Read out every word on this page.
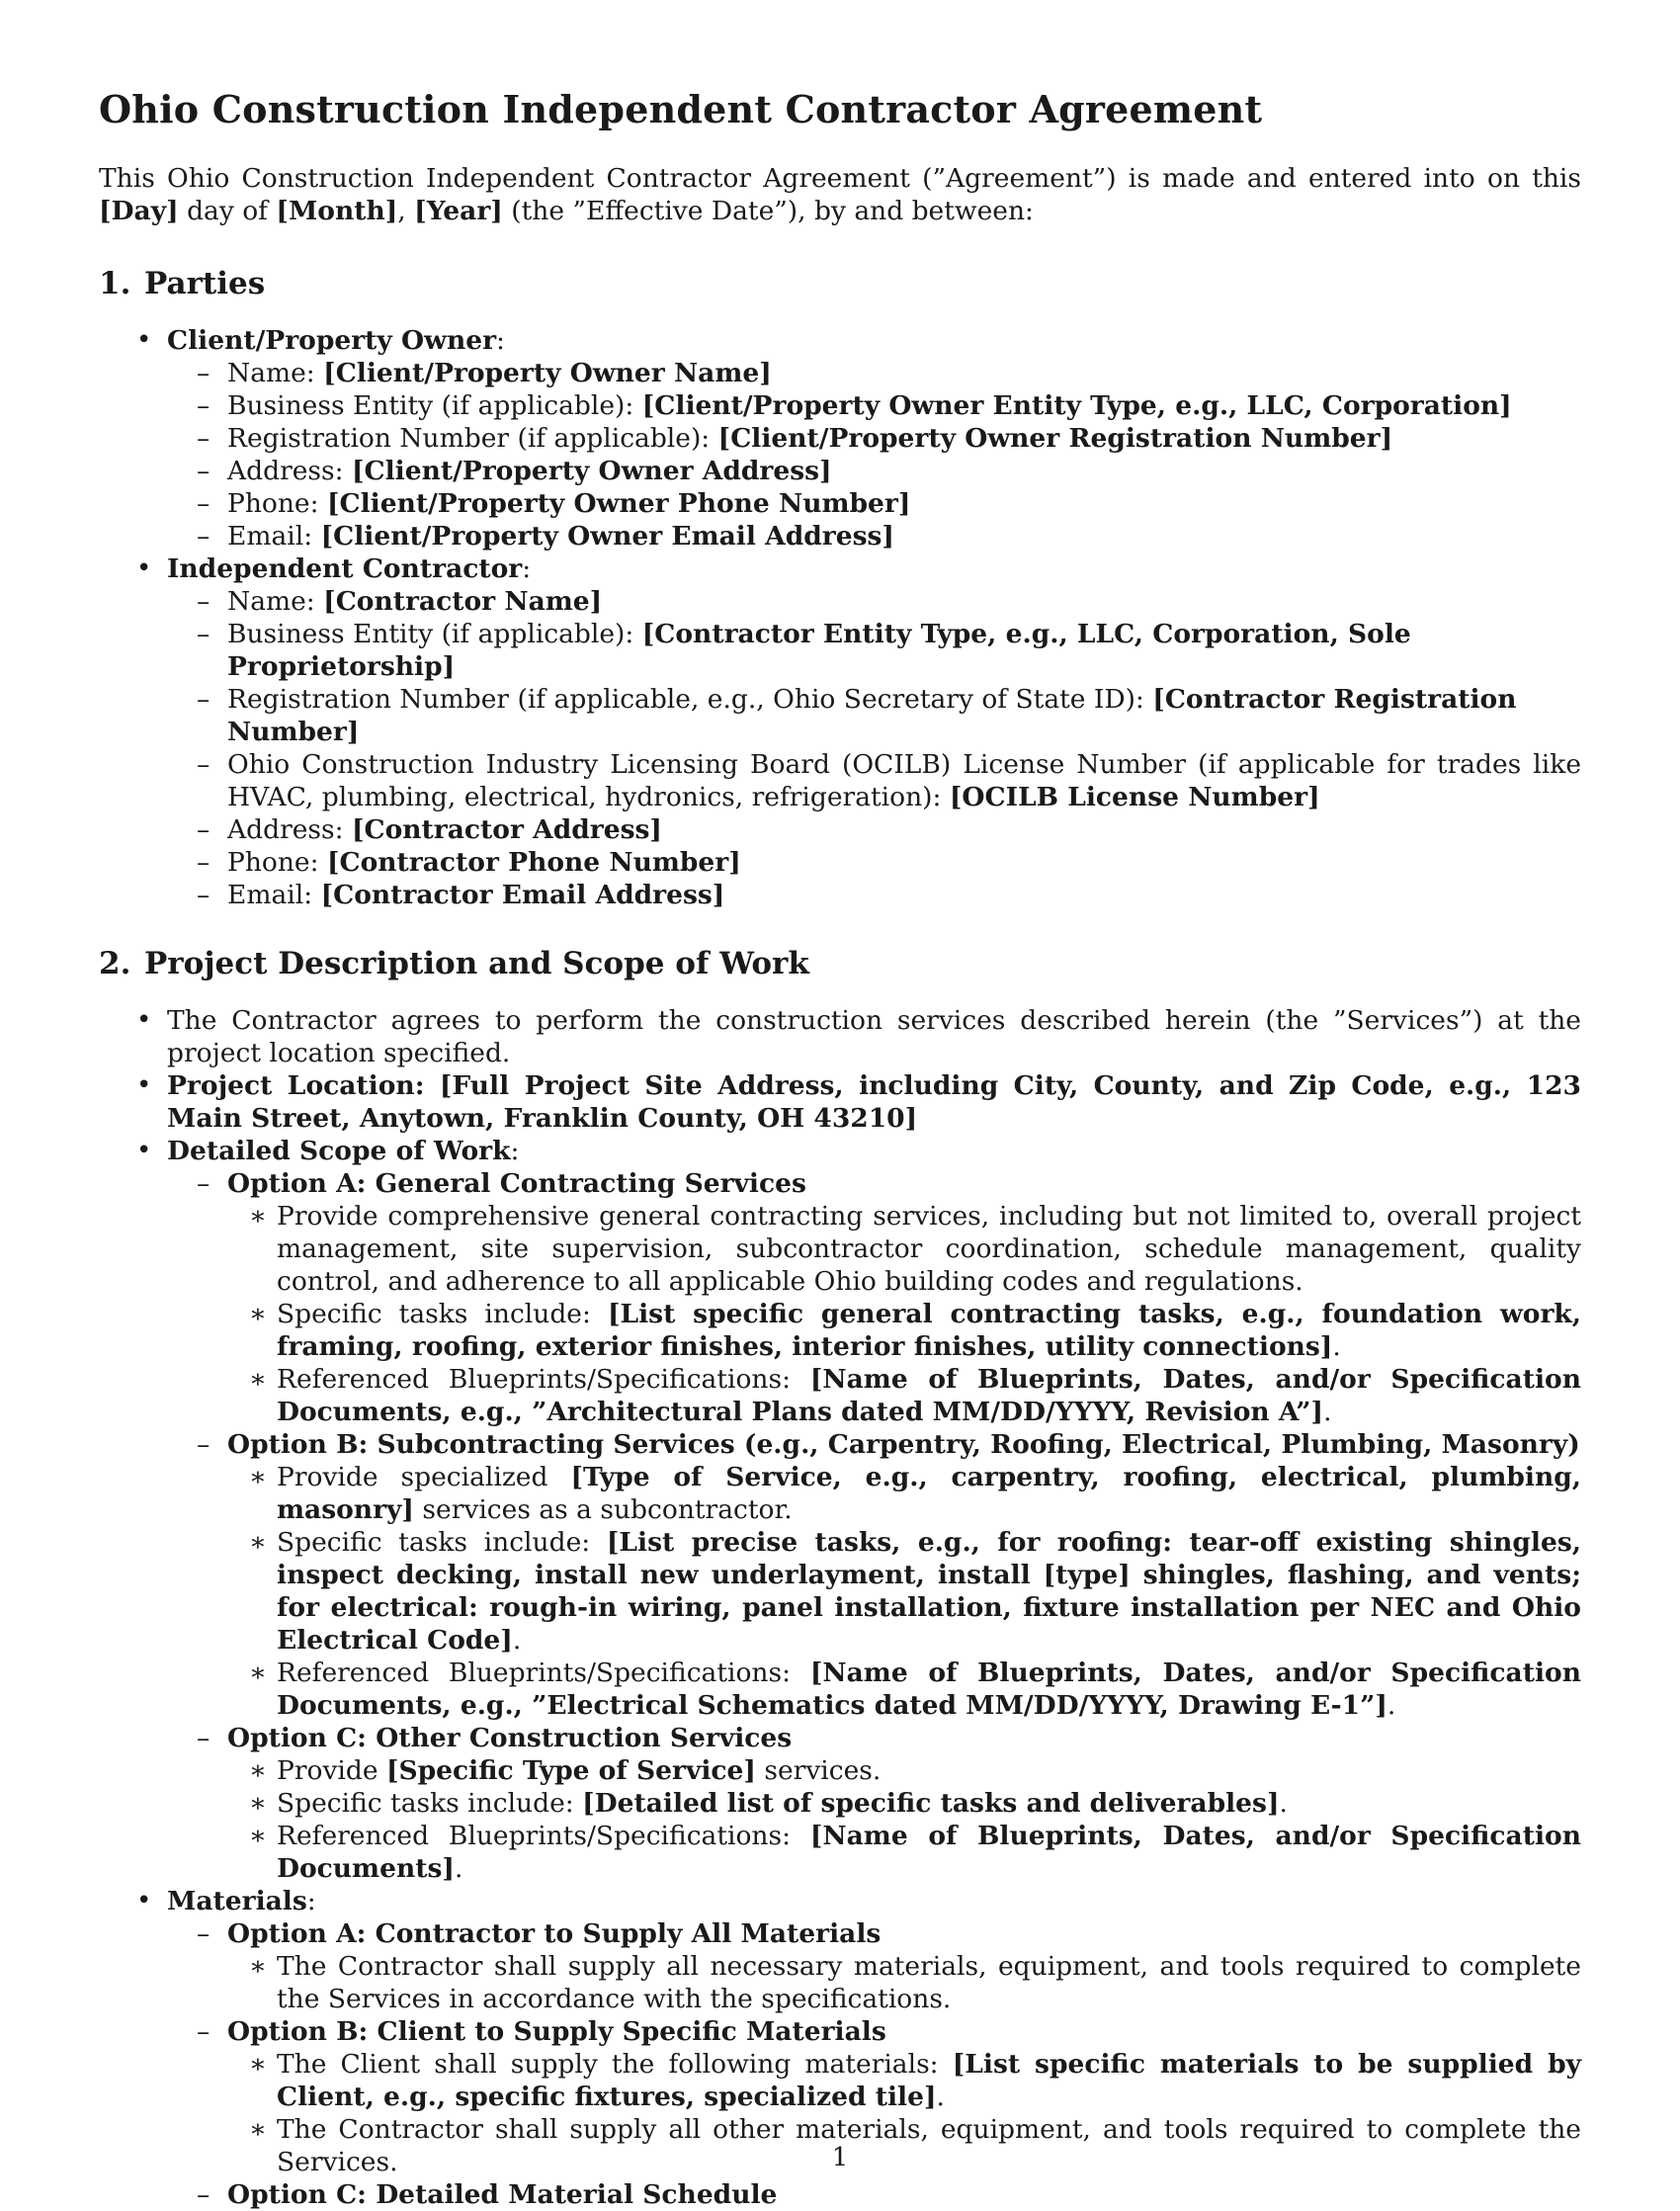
Ohio Construction Independent Contractor Agreement

This Ohio Construction Independent Contractor Agreement (”Agreement”) is made and entered into on this [Day] day of [Month], [Year] (the ”Effective Date”), by and between:

1. Parties
• Client/Property Owner:
– Name: [Client/Property Owner Name]
– Business Entity (if applicable): [Client/Property Owner Entity Type, e.g., LLC, Corporation]
– Registration Number (if applicable): [Client/Property Owner Registration Number]
– Address: [Client/Property Owner Address]
– Phone: [Client/Property Owner Phone Number]
– Email: [Client/Property Owner Email Address]
• Independent Contractor:
– Name: [Contractor Name]
– Business Entity (if applicable): [Contractor Entity Type, e.g., LLC, Corporation, Sole Proprietorship]
– Registration Number (if applicable, e.g., Ohio Secretary of State ID): [Contractor Registration Number]
– Ohio Construction Industry Licensing Board (OCILB) License Number (if applicable for trades like HVAC, plumbing, electrical, hydronics, refrigeration): [OCILB License Number]
– Address: [Contractor Address]
– Phone: [Contractor Phone Number]
– Email: [Contractor Email Address]
2. Project Description and Scope of Work
• The Contractor agrees to perform the construction services described herein (the ”Services”) at the project location specified.
• Project Location: [Full Project Site Address, including City, County, and Zip Code, e.g., 123 Main Street, Anytown, Franklin County, OH 43210]
• Detailed Scope of Work:
– Option A: General Contracting Services
∗ Provide comprehensive general contracting services, including but not limited to, overall project management, site supervision, subcontractor coordination, schedule management, quality control, and adherence to all applicable Ohio building codes and regulations.
∗ Specific tasks include: [List specific general contracting tasks, e.g., foundation work, framing, roofing, exterior finishes, interior finishes, utility connections].
∗ Referenced Blueprints/Specifications: [Name of Blueprints, Dates, and/or Specification Documents, e.g., ”Architectural Plans dated MM/DD/YYYY, Revision A”].
– Option B: Subcontracting Services (e.g., Carpentry, Roofing, Electrical, Plumbing, Masonry)
∗ Provide specialized [Type of Service, e.g., carpentry, roofing, electrical, plumbing, masonry] services as a subcontractor.
∗ Specific tasks include: [List precise tasks, e.g., for roofing: tear-off existing shingles, inspect decking, install new underlayment, install [type] shingles, flashing, and vents; for electrical: rough-in wiring, panel installation, fixture installation per NEC and Ohio Electrical Code].
∗ Referenced Blueprints/Specifications: [Name of Blueprints, Dates, and/or Specification Documents, e.g., ”Electrical Schematics dated MM/DD/YYYY, Drawing E-1”].
– Option C: Other Construction Services
∗ Provide [Specific Type of Service] services.
∗ Specific tasks include: [Detailed list of specific tasks and deliverables].
∗ Referenced Blueprints/Specifications: [Name of Blueprints, Dates, and/or Specification Documents].
• Materials:
– Option A: Contractor to Supply All Materials
∗ The Contractor shall supply all necessary materials, equipment, and tools required to complete the Services in accordance with the specifications.
– Option B: Client to Supply Specific Materials
∗ The Client shall supply the following materials: [List specific materials to be supplied by Client, e.g., specific fixtures, specialized tile].
∗ The Contractor shall supply all other materials, equipment, and tools required to complete the Services.
– Option C: Detailed Material Schedule
1
